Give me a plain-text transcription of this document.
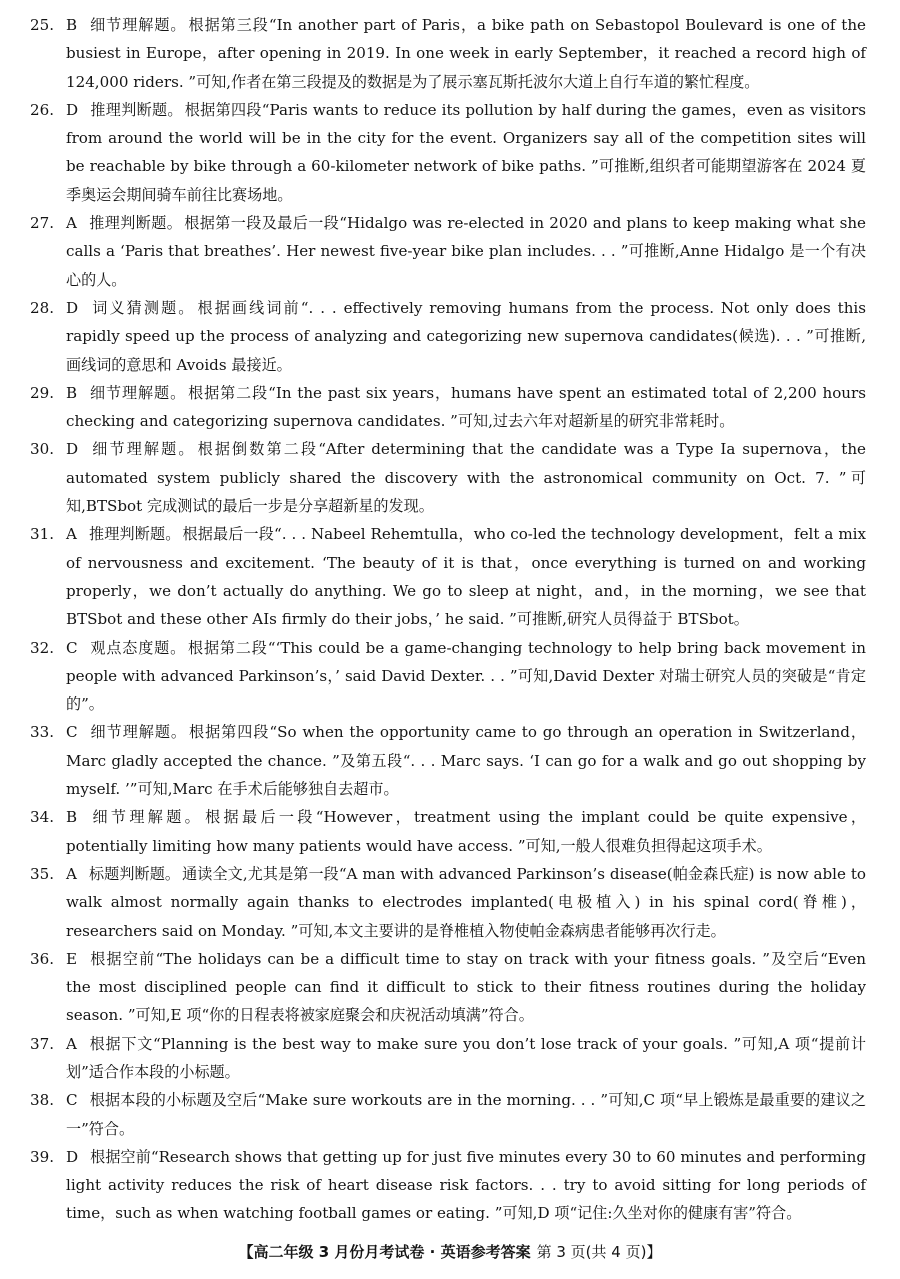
25. B 细节理解题。 根据第三段“In another part of Paris，a bike path on Sebastopol Boulevard is one of the busiest in Europe，after opening in 2019. In one week in early September，it reached a record high of 124,000 riders. ”可知,作者在第三段提及的数据是为了展示塞瓦斯托波尔大道上自行车道的繁忙程度。
26. D 推理判断题。 根据第四段“Paris wants to reduce its pollution by half during the games，even as visitors from around the world will be in the city for the event. Organizers say all of the competition sites will be reachable by bike through a 60-kilometer network of bike paths. ”可推断,组织者可能期望游客在 2024 夏季奥运会期间骑车前往比赛场地。
27. A 推理判断题。 根据第一段及最后一段“Hidalgo was re-elected in 2020 and plans to keep making what she calls a ‘Paris that breathes’. Her newest five-year bike plan includes. . . ”可推断,Anne Hidalgo 是一个有决心的人。
28. D 词义猜测题。 根据画线词前“. . . effectively removing humans from the process. Not only does this rapidly speed up the process of analyzing and categorizing new supernova candidates(候选). . . ”可推断,画线词的意思和 Avoids 最接近。
29. B 细节理解题。 根据第二段“In the past six years，humans have spent an estimated total of 2,200 hours checking and categorizing supernova candidates. ”可知,过去六年对超新星的研究非常耗时。
30. D 细节理解题。 根据倒数第二段“After determining that the candidate was a Type Ia supernova，the automated system publicly shared the discovery with the astronomical community on Oct. 7. ”可知,BTSbot 完成测试的最后一步是分享超新星的发现。
31. A 推理判断题。 根据最后一段“. . . Nabeel Rehemtulla，who co-led the technology development，felt a mix of nervousness and excitement. ‘The beauty of it is that，once everything is turned on and working properly，we don’t actually do anything. We go to sleep at night，and，in the morning，we see that BTSbot and these other AIs firmly do their jobs，’ he said. ”可推断,研究人员得益于 BTSbot。
32. C 观点态度题。 根据第二段“‘This could be a game-changing technology to help bring back movement in people with advanced Parkinson’s，’ said David Dexter. . . ”可知,David Dexter 对瑞士研究人员的突破是“肯定的”。
33. C 细节理解题。 根据第四段“So when the opportunity came to go through an operation in Switzerland，Marc gladly accepted the chance. ”及第五段“. . . Marc says. ‘I can go for a walk and go out shopping by myself. ’”可知,Marc 在手术后能够独自去超市。
34. B 细节理解题。 根据最后一段“However，treatment using the implant could be quite expensive，potentially limiting how many patients would have access. ”可知,一般人很难负担得起这项手术。
35. A 标题判断题。 通读全文,尤其是第一段“A man with advanced Parkinson’s disease(帕金森氏症) is now able to walk almost normally again thanks to electrodes implanted(电极植入) in his spinal cord(脊椎)，researchers said on Monday. ”可知,本文主要讲的是脊椎植入物使帕金森病患者能够再次行走。
36. E 根据空前“The holidays can be a difficult time to stay on track with your fitness goals. ”及空后“Even the most disciplined people can find it difficult to stick to their fitness routines during the holiday season. ”可知,E 项“你的日程表将被家庭聚会和庆祝活动填满”符合。
37. A 根据下文“Planning is the best way to make sure you don’t lose track of your goals. ”可知,A 项“提前计划”适合作本段的小标题。
38. C 根据本段的小标题及空后“Make sure workouts are in the morning. . . ”可知,C 项“早上锻炼是最重要的建议之一”符合。
39. D 根据空前“Research shows that getting up for just five minutes every 30 to 60 minutes and performing light activity reduces the risk of heart disease risk factors. . . try to avoid sitting for long periods of time，such as when watching football games or eating. ”可知,D 项“记住:久坐对你的健康有害”符合。
【高二年级 3 月份月考试卷 · 英语参考答案 第 3 页(共 4 页)】
